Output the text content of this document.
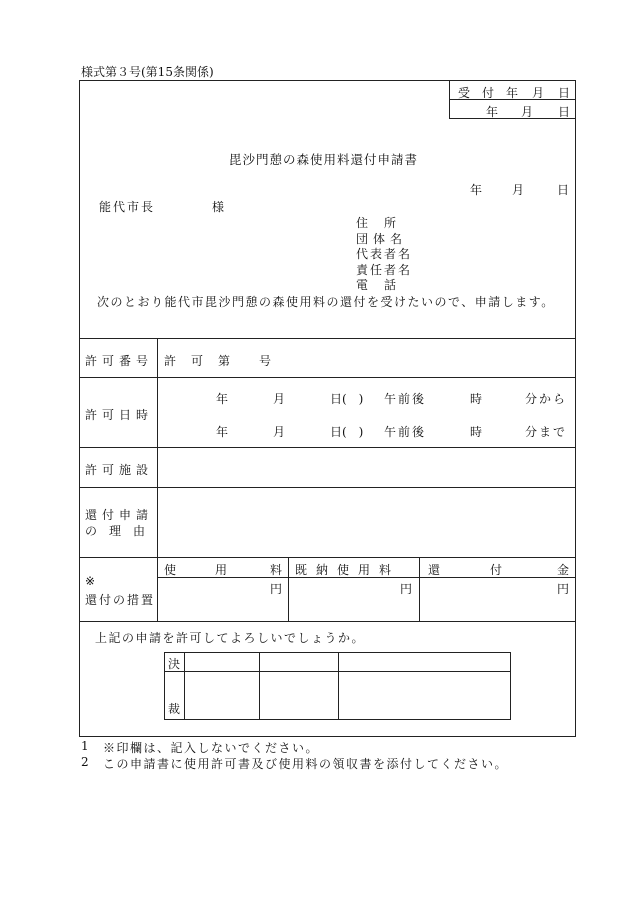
様式第３号(第15条関係)
受 付 年 月 日
年 月 日
毘沙門憩の森使用料還付申請書
年 月	日
能代市長	様
住　所
団体名
代表者名
責任者名
電　話
次のとおり能代市毘沙門憩の森使用料の還付を受けたいので、申請します。
許可番号 許 可 第 号
許可日時
年	月	日(　) 午前後	時	分から
年	月	日(　) 午前後	時	分まで
許可施設
還付申請
の　理　由
※
還付の措置
使	用	料 既納使用料 還	付	金
円	円	円
上記の申請を許可してよろしいでしょうか。
決
裁
1 ※印欄は、記入しないでください。
2 この申請書に使用許可書及び使用料の領収書を添付してください。
